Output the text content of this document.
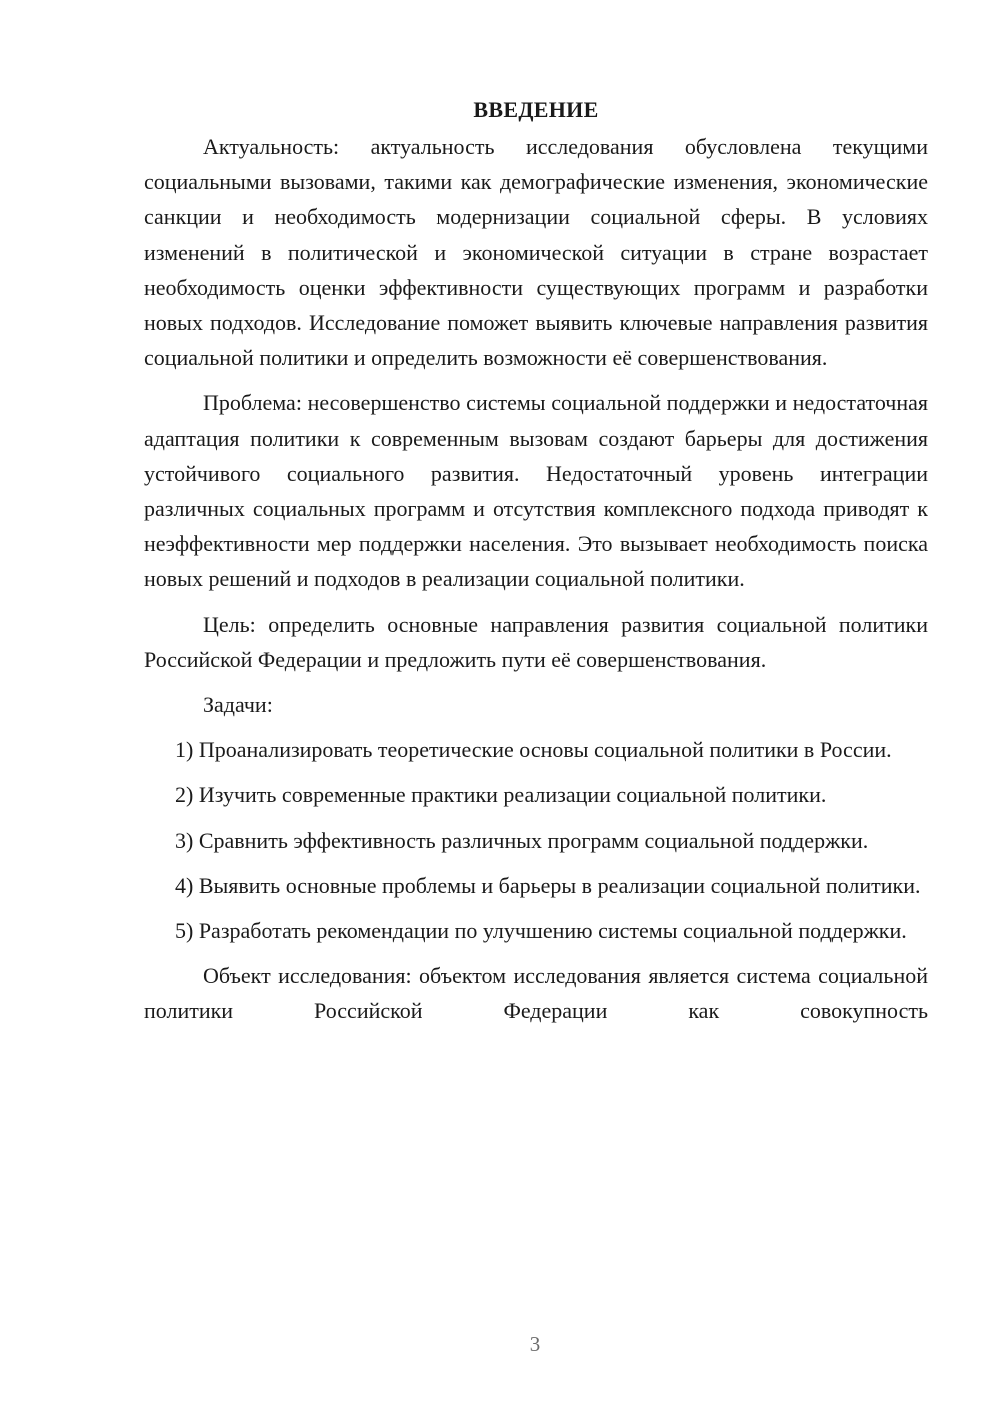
ВВЕДЕНИЕ

Актуальность: актуальность исследования обусловлена текущими социальными вызовами, такими как демографические изменения, экономические санкции и необходимость модернизации социальной сферы. В условиях изменений в политической и экономической ситуации в стране возрастает необходимость оценки эффективности существующих программ и разработки новых подходов. Исследование поможет выявить ключевые направления развития социальной политики и определить возможности её совершенствования.

Проблема: несовершенство системы социальной поддержки и недостаточная адаптация политики к современным вызовам создают барьеры для достижения устойчивого социального развития. Недостаточный уровень интеграции различных социальных программ и отсутствия комплексного подхода приводят к неэффективности мер поддержки населения. Это вызывает необходимость поиска новых решений и подходов в реализации социальной политики.

Цель: определить основные направления развития социальной политики Российской Федерации и предложить пути её совершенствования.

Задачи:

1) Проанализировать теоретические основы социальной политики в России.

2) Изучить современные практики реализации социальной политики.

3) Сравнить эффективность различных программ социальной поддержки.

4) Выявить основные проблемы и барьеры в реализации социальной политики.

5) Разработать рекомендации по улучшению системы социальной поддержки.

Объект исследования: объектом исследования является система социальной политики Российской Федерации как совокупность

3
